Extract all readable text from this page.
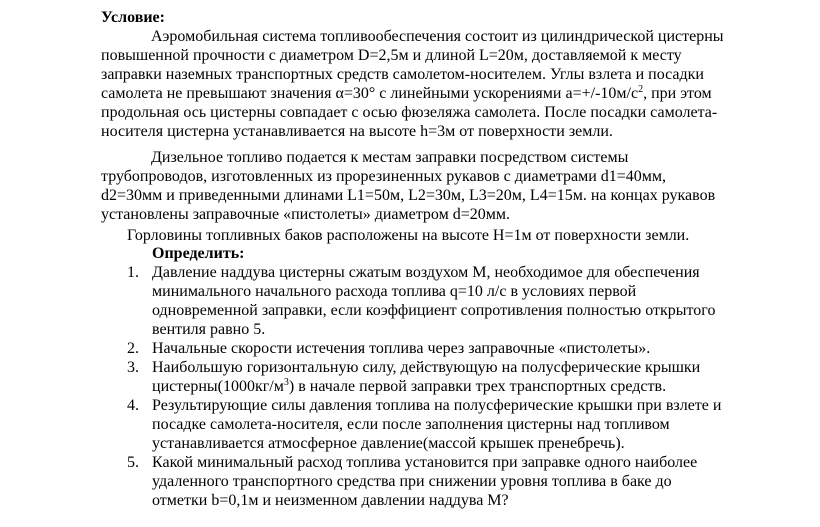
Условие:
Аэромобильная система топливообеспечения состоит из цилиндрической цистерны
повышенной прочности с диаметром D=2,5м и длиной L=20м, доставляемой к месту
заправки наземных транспортных средств самолетом-носителем. Углы взлета и посадки
самолета не превышают значения α=30° с линейными ускорениями $a=+/-10м/с^2$, при этом
продольная ось цистерны совпадает с осью фюзеляжа самолета. После посадки самолета-
носителя цистерна устанавливается на высоте h=3м от поверхности земли.
Дизельное топливо подается к местам заправки посредством системы
трубопроводов, изготовленных из прорезиненных рукавов с диаметрами d1=40мм,
d2=30мм и приведенными длинами L1=50м, L2=30м, L3=20м, L4=15м. на концах рукавов
установлены заправочные «пистолеты» диаметром d=20мм.
Горловины топливных баков расположены на высоте H=1м от поверхности земли.
Определить:
1. Давление наддува цистерны сжатым воздухом М, необходимое для обеспечения
минимального начального расхода топлива q=10 л/с в условиях первой
одновременной заправки, если коэффициент сопротивления полностью открытого
вентиля равно 5.
2. Начальные скорости истечения топлива через заправочные «пистолеты».
3. Наибольшую горизонтальную силу, действующую на полусферические крышки
$цистерны(1000кг/м^3)$ в начале первой заправки трех транспортных средств.
4. Результирующие силы давления топлива на полусферические крышки при взлете и
посадке самолета-носителя, если после заполнения цистерны над топливом
устанавливается атмосферное давление(массой крышек пренебречь).
5. Какой минимальный расход топлива установится при заправке одного наиболее
удаленного транспортного средства при снижении уровня топлива в баке до
отметки b=0,1м и неизменном давлении наддува М?
